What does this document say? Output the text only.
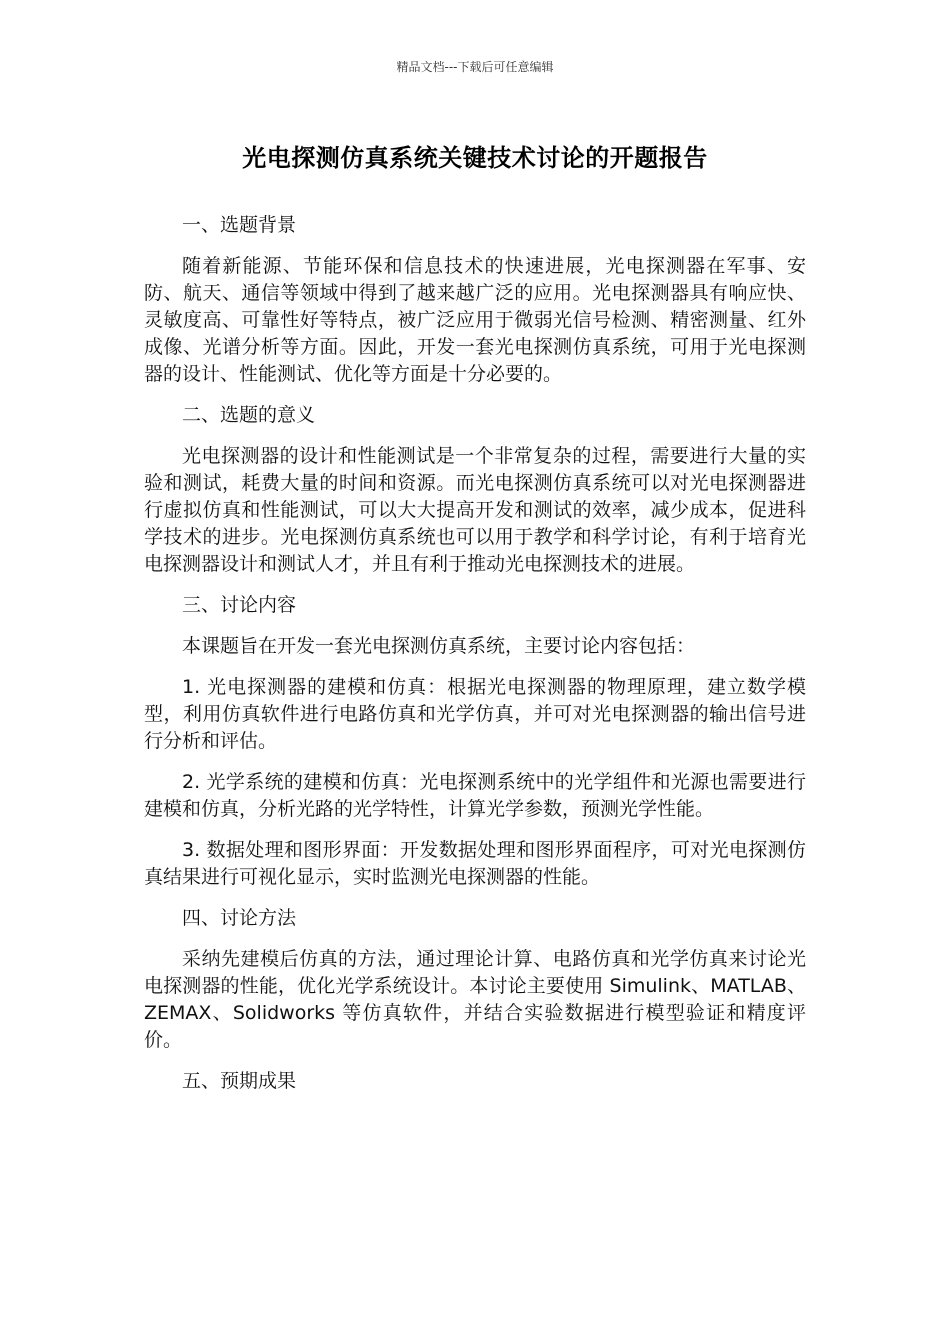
精品文档---下载后可任意编辑
光电探测仿真系统关键技术讨论的开题报告

一、选题背景

随着新能源、节能环保和信息技术的快速进展，光电探测器在军事、安防、航天、通信等领域中得到了越来越广泛的应用。光电探测器具有响应快、灵敏度高、可靠性好等特点，被广泛应用于微弱光信号检测、精密测量、红外成像、光谱分析等方面。因此，开发一套光电探测仿真系统，可用于光电探测器的设计、性能测试、优化等方面是十分必要的。

二、选题的意义

光电探测器的设计和性能测试是一个非常复杂的过程，需要进行大量的实验和测试，耗费大量的时间和资源。而光电探测仿真系统可以对光电探测器进行虚拟仿真和性能测试，可以大大提高开发和测试的效率，减少成本，促进科学技术的进步。光电探测仿真系统也可以用于教学和科学讨论，有利于培育光电探测器设计和测试人才，并且有利于推动光电探测技术的进展。

三、讨论内容

本课题旨在开发一套光电探测仿真系统，主要讨论内容包括：

1. 光电探测器的建模和仿真：根据光电探测器的物理原理，建立数学模型，利用仿真软件进行电路仿真和光学仿真，并可对光电探测器的输出信号进行分析和评估。

2. 光学系统的建模和仿真：光电探测系统中的光学组件和光源也需要进行建模和仿真，分析光路的光学特性，计算光学参数，预测光学性能。

3. 数据处理和图形界面：开发数据处理和图形界面程序，可对光电探测仿真结果进行可视化显示，实时监测光电探测器的性能。

四、讨论方法

采纳先建模后仿真的方法，通过理论计算、电路仿真和光学仿真来讨论光电探测器的性能，优化光学系统设计。本讨论主要使用 Simulink、MATLAB、ZEMAX、Solidworks 等仿真软件，并结合实验数据进行模型验证和精度评价。

五、预期成果
